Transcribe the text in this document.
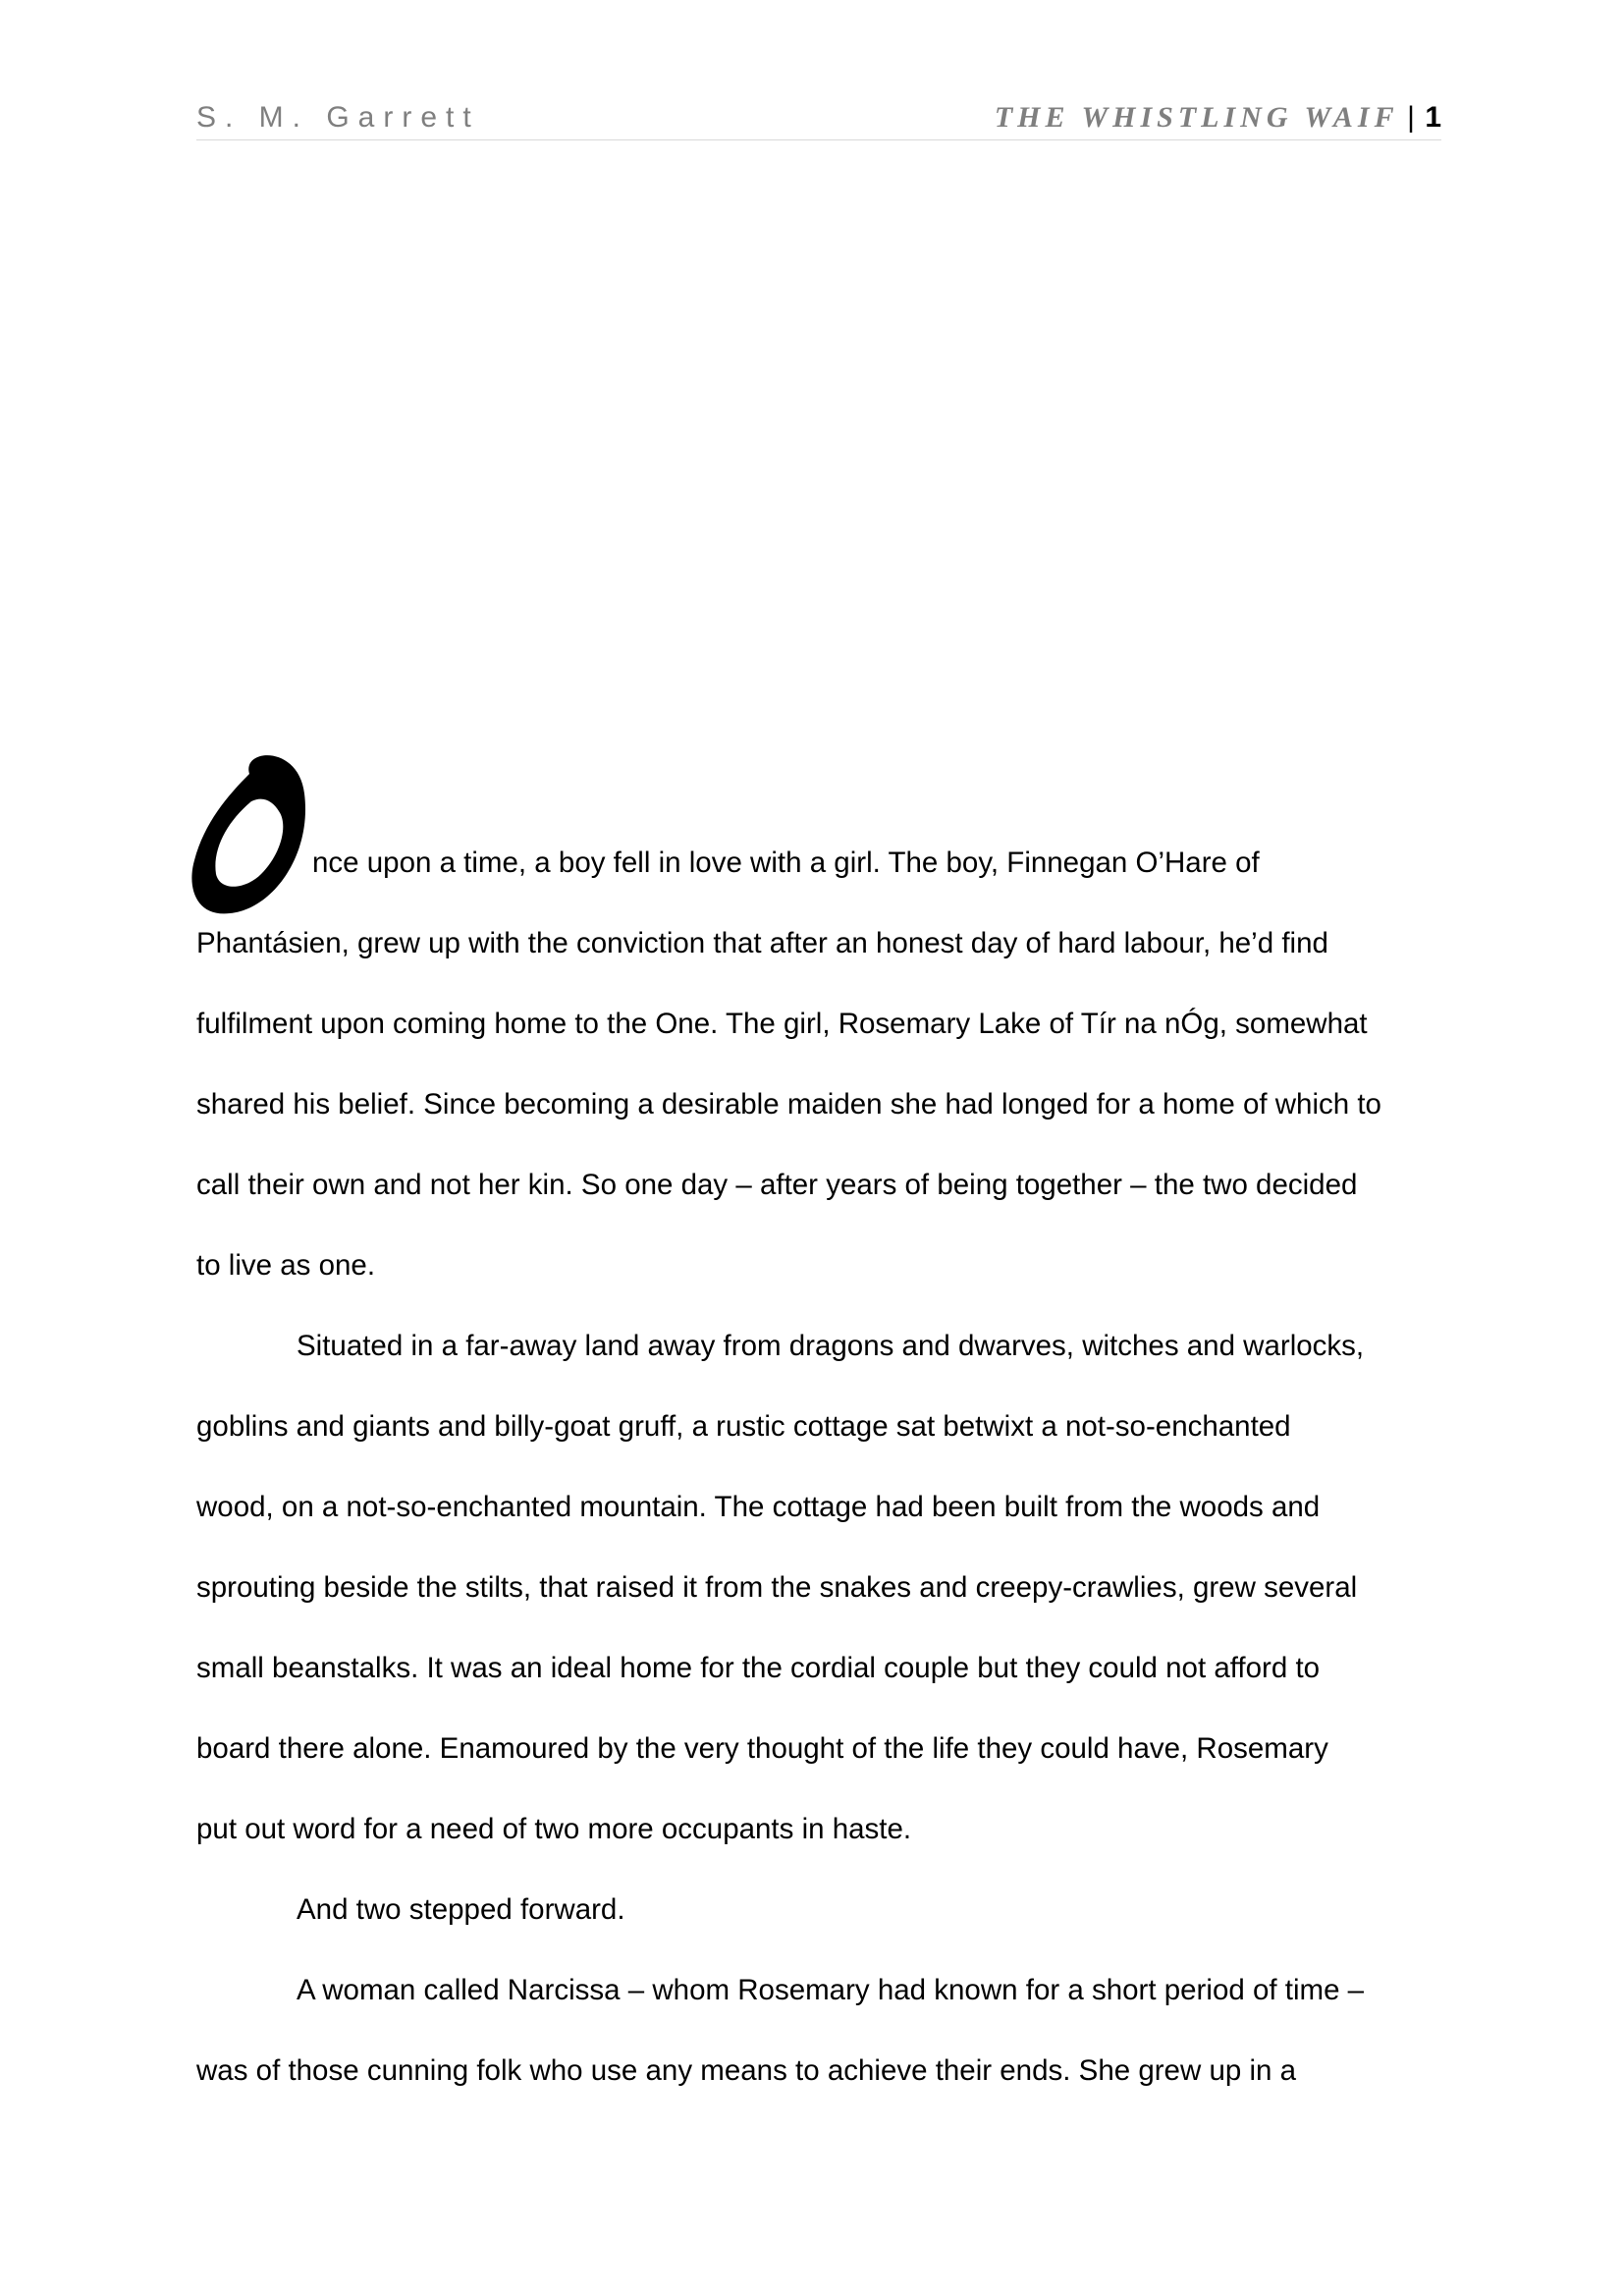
S. M. Garrett	THE WHISTLING WAIF | 1
nce upon a time, a boy fell in love with a girl. The boy, Finnegan O’Hare of
Phantásien, grew up with the conviction that after an honest day of hard labour, he’d find
fulfilment upon coming home to the One. The girl, Rosemary Lake of Tír na nÓg, somewhat
shared his belief. Since becoming a desirable maiden she had longed for a home of which to
call their own and not her kin. So one day – after years of being together – the two decided
to live as one.
Situated in a far-away land away from dragons and dwarves, witches and warlocks,
goblins and giants and billy-goat gruff, a rustic cottage sat betwixt a not-so-enchanted
wood, on a not-so-enchanted mountain. The cottage had been built from the woods and
sprouting beside the stilts, that raised it from the snakes and creepy-crawlies, grew several
small beanstalks. It was an ideal home for the cordial couple but they could not afford to
board there alone. Enamoured by the very thought of the life they could have, Rosemary
put out word for a need of two more occupants in haste.
And two stepped forward.
A woman called Narcissa – whom Rosemary had known for a short period of time –
was of those cunning folk who use any means to achieve their ends. She grew up in a
